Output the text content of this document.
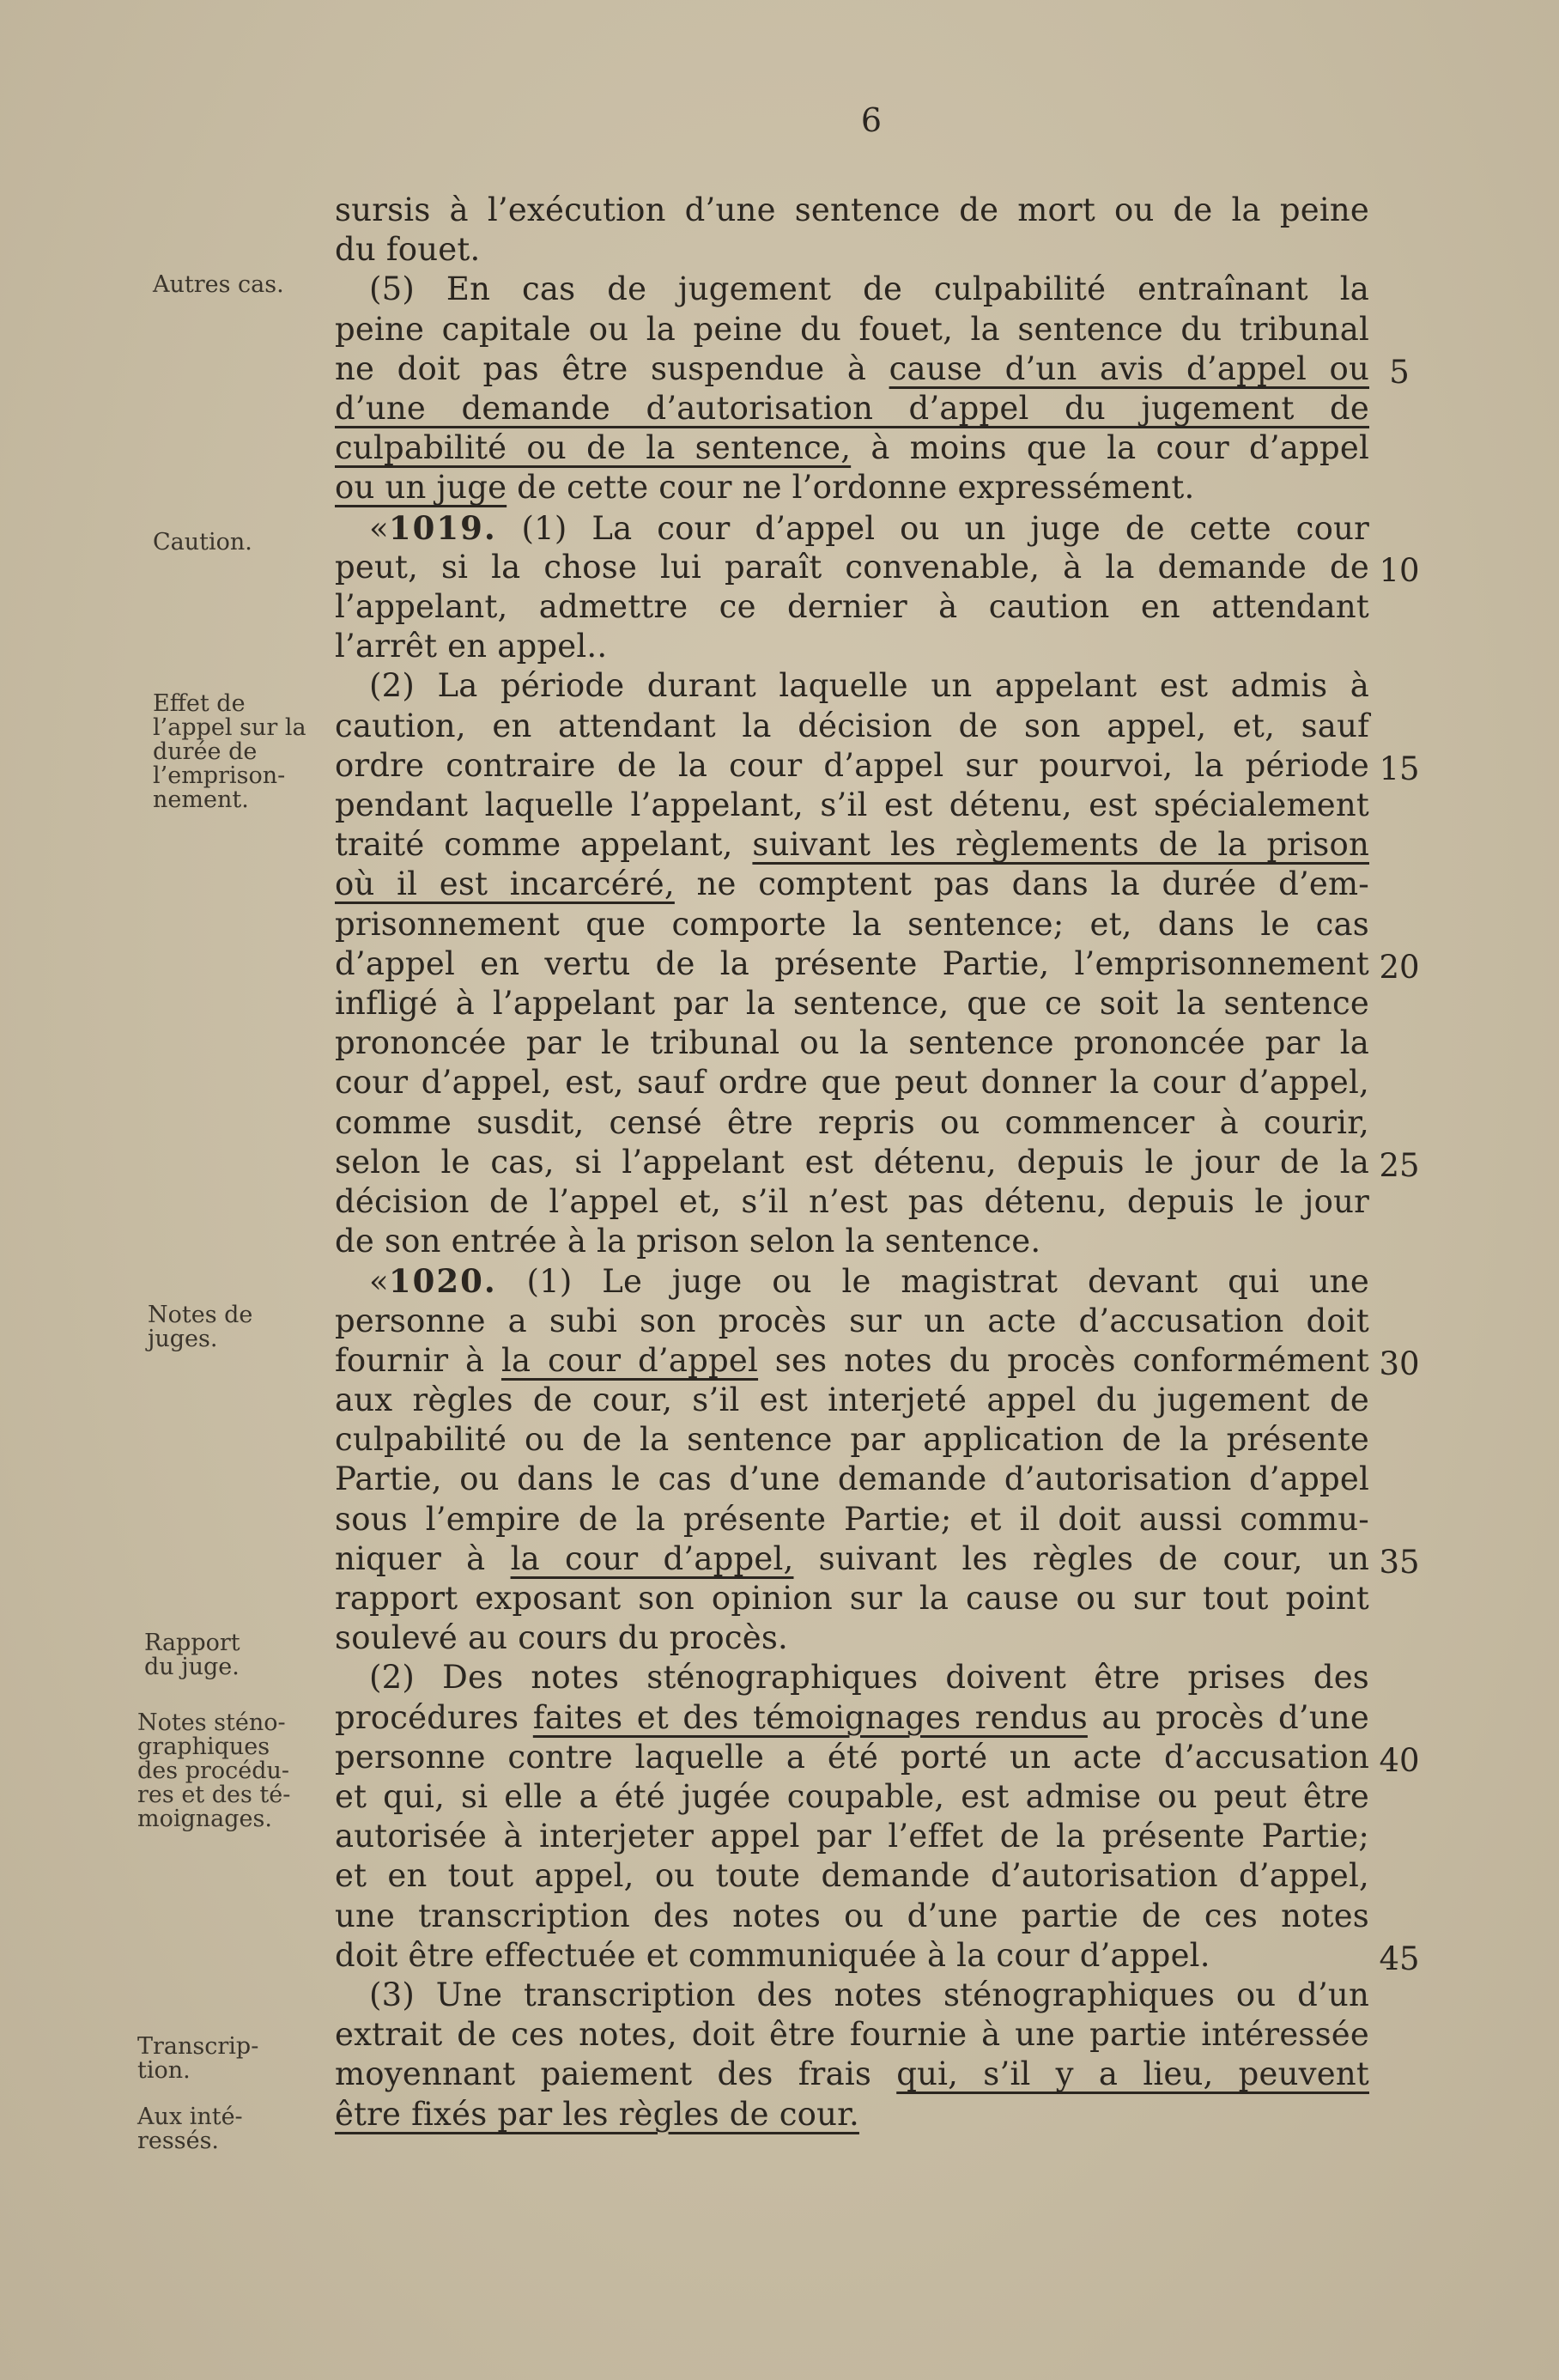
6
Autres cas.
Caution.
Effet de
l’appel sur la
durée de
l’emprison-
nement.
Notes de
juges.
Rapport
du juge.
Notes sténo-
graphiques
des procédu-
res et des té-
moignages.
Transcrip-
tion.
Aux inté-
ressés.
sursis à l’exécution d’une sentence de mort ou de la peine
du fouet.
(5) En cas de jugement de culpabilité entraînant la
peine capitale ou la peine du fouet, la sentence du tribunal
ne doit pas être suspendue à cause d’un avis d’appel ou
d’une demande d’autorisation d’appel du jugement de
culpabilité ou de la sentence, à moins que la cour d’appel
ou un juge de cette cour ne l’ordonne expressément.
«1019. (1) La cour d’appel ou un juge de cette cour
peut, si la chose lui paraît convenable, à la demande de
l’appelant, admettre ce dernier à caution en attendant
l’arrêt en appel..
(2) La période durant laquelle un appelant est admis à
caution, en attendant la décision de son appel, et, sauf
ordre contraire de la cour d’appel sur pourvoi, la période
pendant laquelle l’appelant, s’il est détenu, est spécialement
traité comme appelant, suivant les règlements de la prison
où il est incarcéré, ne comptent pas dans la durée d’em-
prisonnement que comporte la sentence; et, dans le cas
d’appel en vertu de la présente Partie, l’emprisonnement
infligé à l’appelant par la sentence, que ce soit la sentence
prononcée par le tribunal ou la sentence prononcée par la
cour d’appel, est, sauf ordre que peut donner la cour d’appel,
comme susdit, censé être repris ou commencer à courir,
selon le cas, si l’appelant est détenu, depuis le jour de la
décision de l’appel et, s’il n’est pas détenu, depuis le jour
de son entrée à la prison selon la sentence.
«1020. (1) Le juge ou le magistrat devant qui une
personne a subi son procès sur un acte d’accusation doit
fournir à la cour d’appel ses notes du procès conformément
aux règles de cour, s’il est interjeté appel du jugement de
culpabilité ou de la sentence par application de la présente
Partie, ou dans le cas d’une demande d’autorisation d’appel
sous l’empire de la présente Partie; et il doit aussi commu-
niquer à la cour d’appel, suivant les règles de cour, un
rapport exposant son opinion sur la cause ou sur tout point
soulevé au cours du procès.
(2) Des notes sténographiques doivent être prises des
procédures faites et des témoignages rendus au procès d’une
personne contre laquelle a été porté un acte d’accusation
et qui, si elle a été jugée coupable, est admise ou peut être
autorisée à interjeter appel par l’effet de la présente Partie;
et en tout appel, ou toute demande d’autorisation d’appel,
une transcription des notes ou d’une partie de ces notes
doit être effectuée et communiquée à la cour d’appel.
(3) Une transcription des notes sténographiques ou d’un
extrait de ces notes, doit être fournie à une partie intéressée
moyennant paiement des frais qui, s’il y a lieu, peuvent
être fixés par les règles de cour.
5
10
15
20
25
30
35
40
45
